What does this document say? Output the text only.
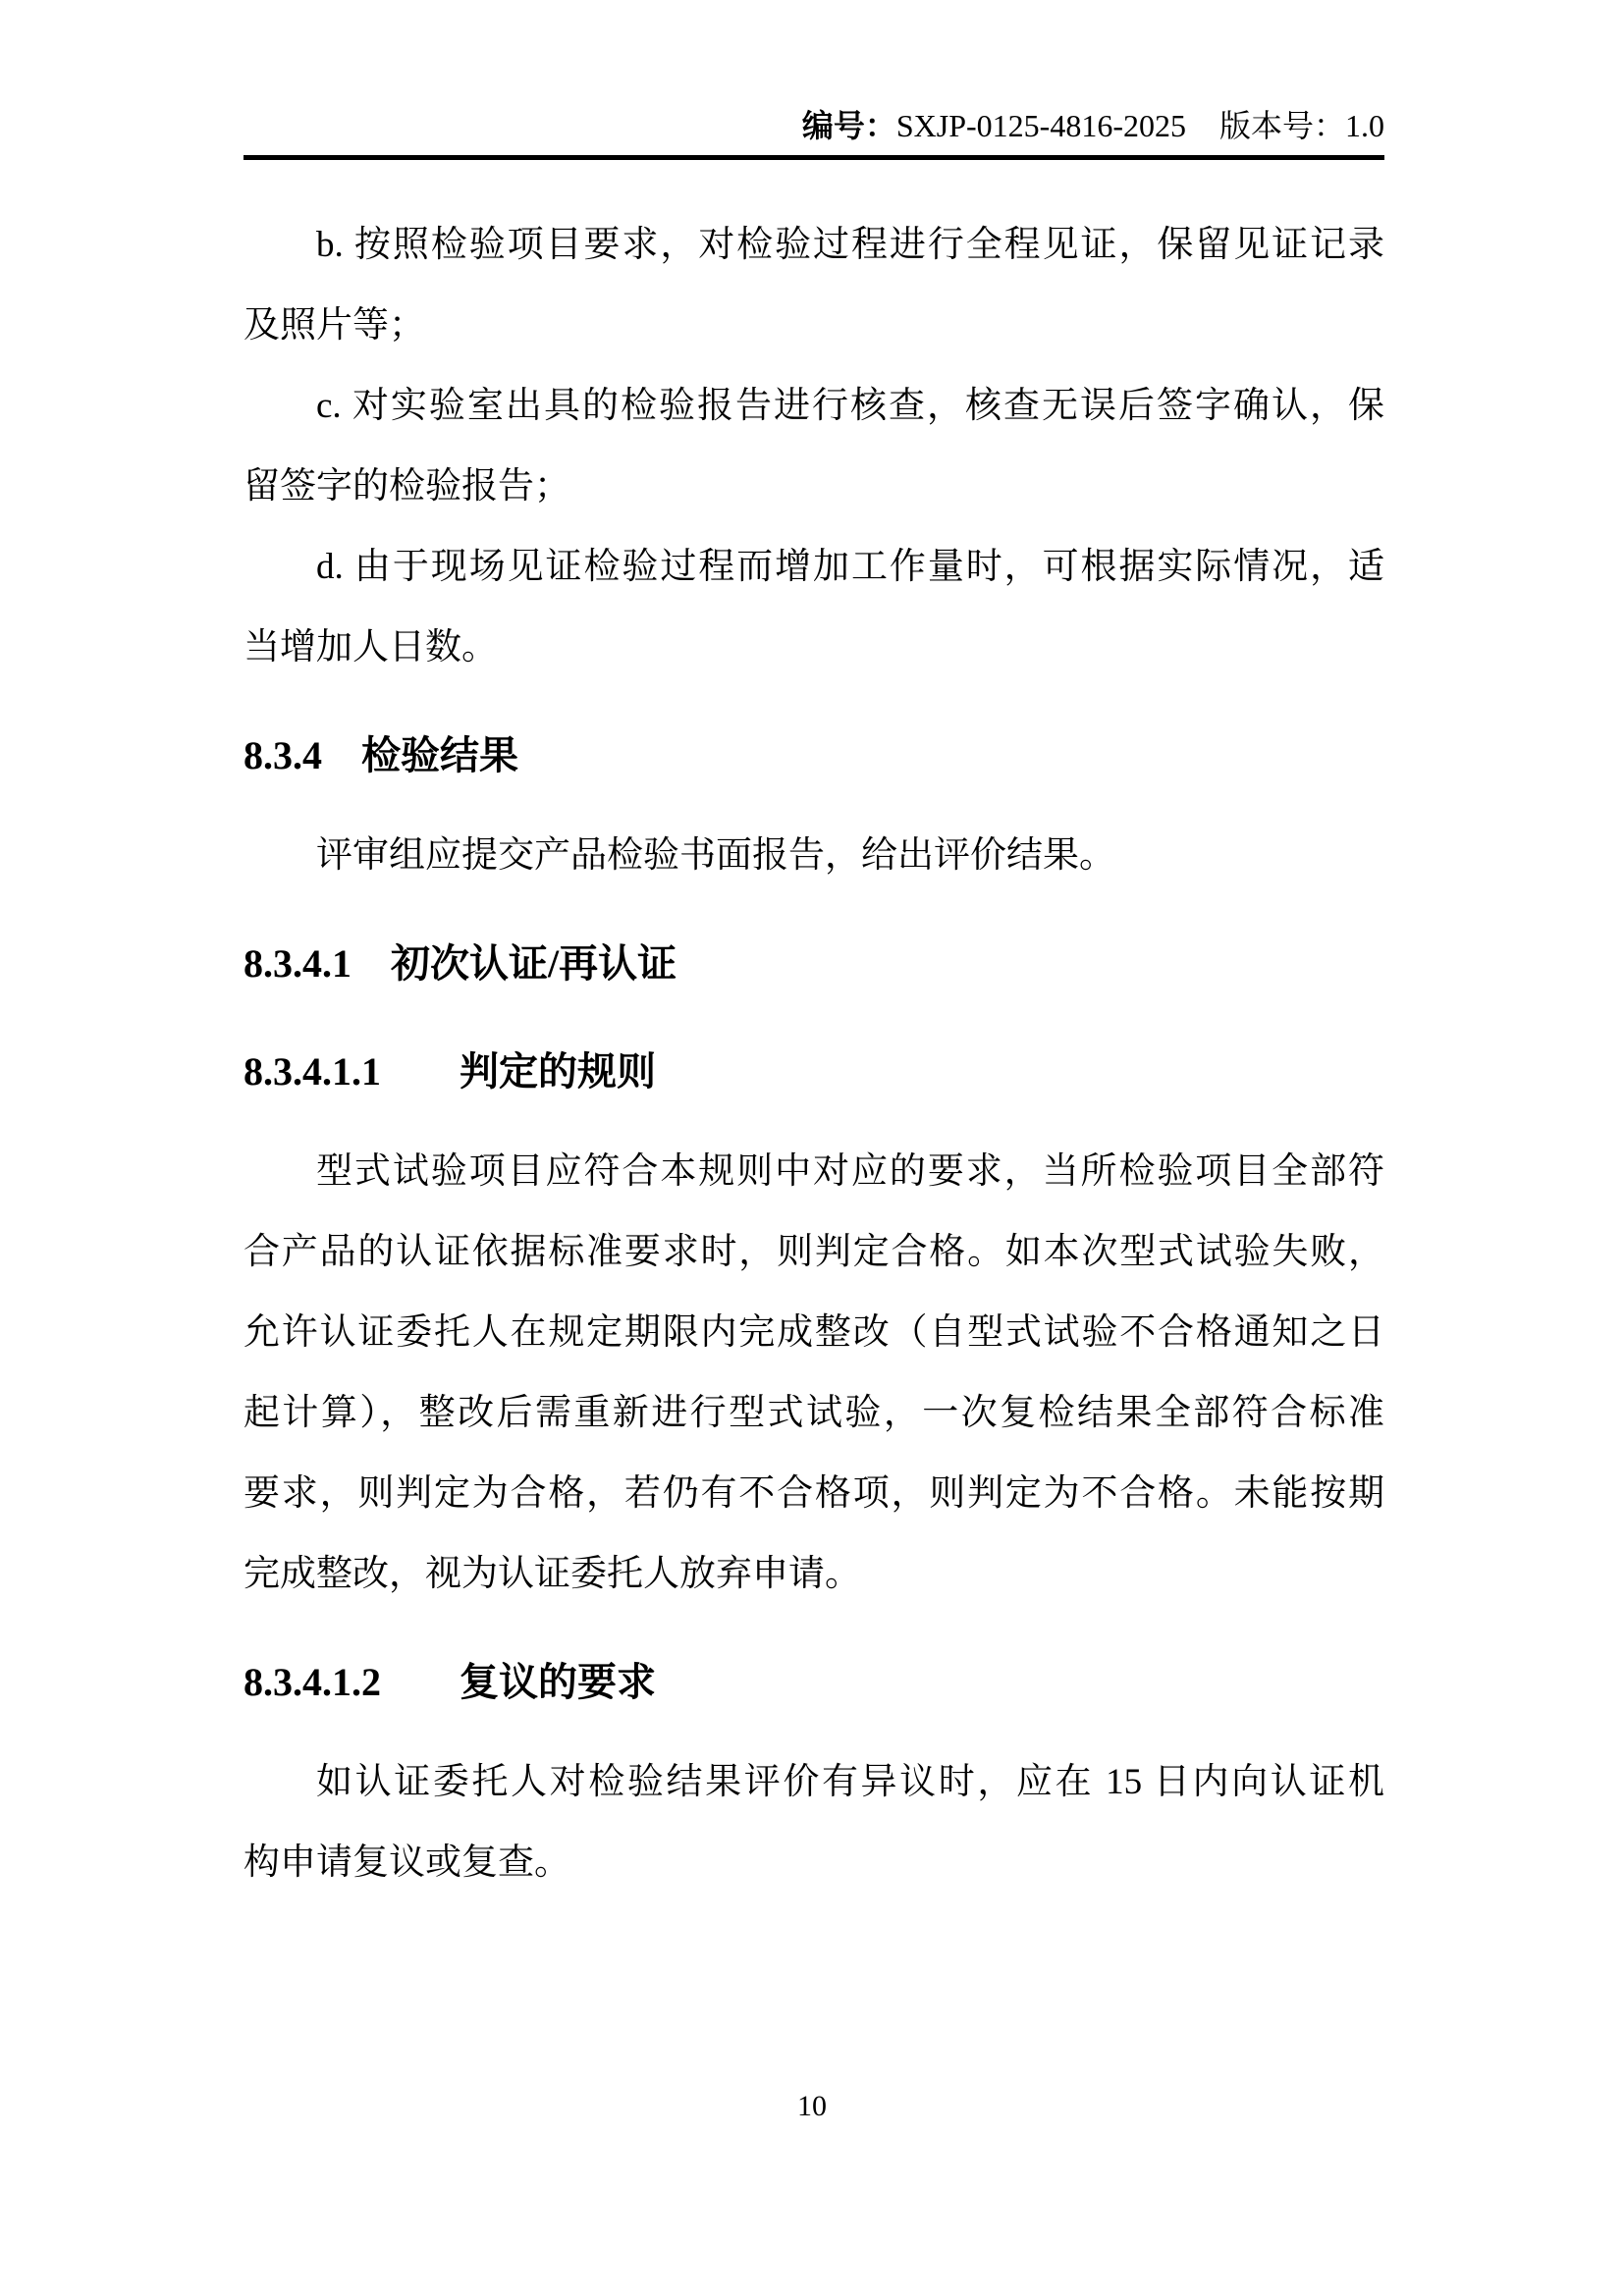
编号：SXJP-0125-4816-2025 版本号：1.0

b. 按照检验项目要求，对检验过程进行全程见证，保留见证记录
及照片等；

c. 对实验室出具的检验报告进行核查，核查无误后签字确认，保
留签字的检验报告；

d. 由于现场见证检验过程而增加工作量时，可根据实际情况，适
当增加人日数。

8.3.4　检验结果

评审组应提交产品检验书面报告，给出评价结果。

8.3.4.1　初次认证/再认证
8.3.4.1.1　　判定的规则

型式试验项目应符合本规则中对应的要求，当所检验项目全部符
合产品的认证依据标准要求时，则判定合格。如本次型式试验失败，
允许认证委托人在规定期限内完成整改（自型式试验不合格通知之日
起计算），整改后需重新进行型式试验，一次复检结果全部符合标准
要求，则判定为合格，若仍有不合格项，则判定为不合格。未能按期
完成整改，视为认证委托人放弃申请。

8.3.4.1.2　　复议的要求

如认证委托人对检验结果评价有异议时，应在 15 日内向认证机
构申请复议或复查。

10
